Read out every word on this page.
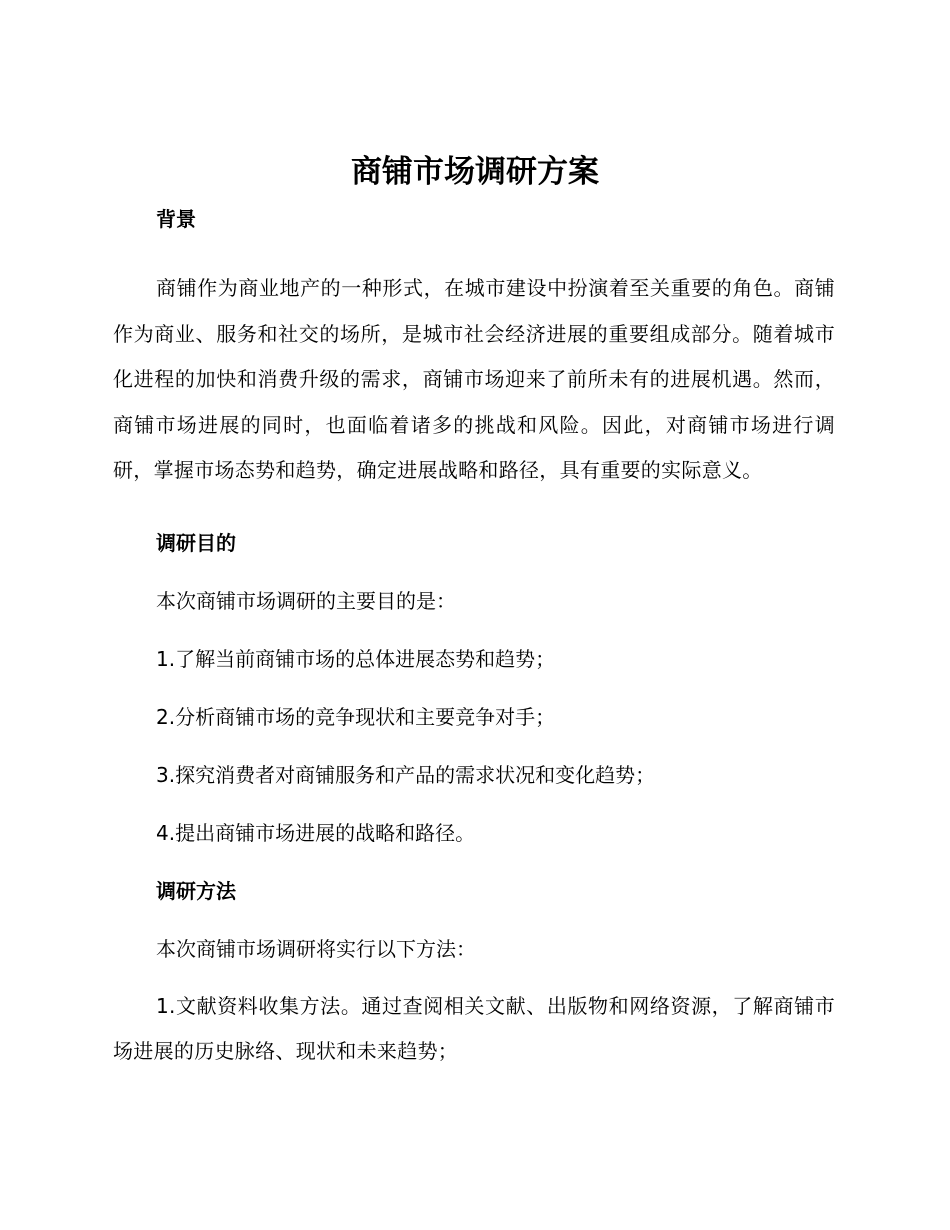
商铺市场调研方案
背景

商铺作为商业地产的一种形式，在城市建设中扮演着至关重要的角色。商铺作为商业、服务和社交的场所，是城市社会经济进展的重要组成部分。随着城市化进程的加快和消费升级的需求，商铺市场迎来了前所未有的进展机遇。然而，商铺市场进展的同时，也面临着诸多的挑战和风险。因此，对商铺市场进行调研，掌握市场态势和趋势，确定进展战略和路径，具有重要的实际意义。

调研目的

本次商铺市场调研的主要目的是：

1.了解当前商铺市场的总体进展态势和趋势；

2.分析商铺市场的竞争现状和主要竞争对手；

3.探究消费者对商铺服务和产品的需求状况和变化趋势；

4.提出商铺市场进展的战略和路径。

调研方法

本次商铺市场调研将实行以下方法：

1.文献资料收集方法。通过查阅相关文献、出版物和网络资源，了解商铺市场进展的历史脉络、现状和未来趋势；
